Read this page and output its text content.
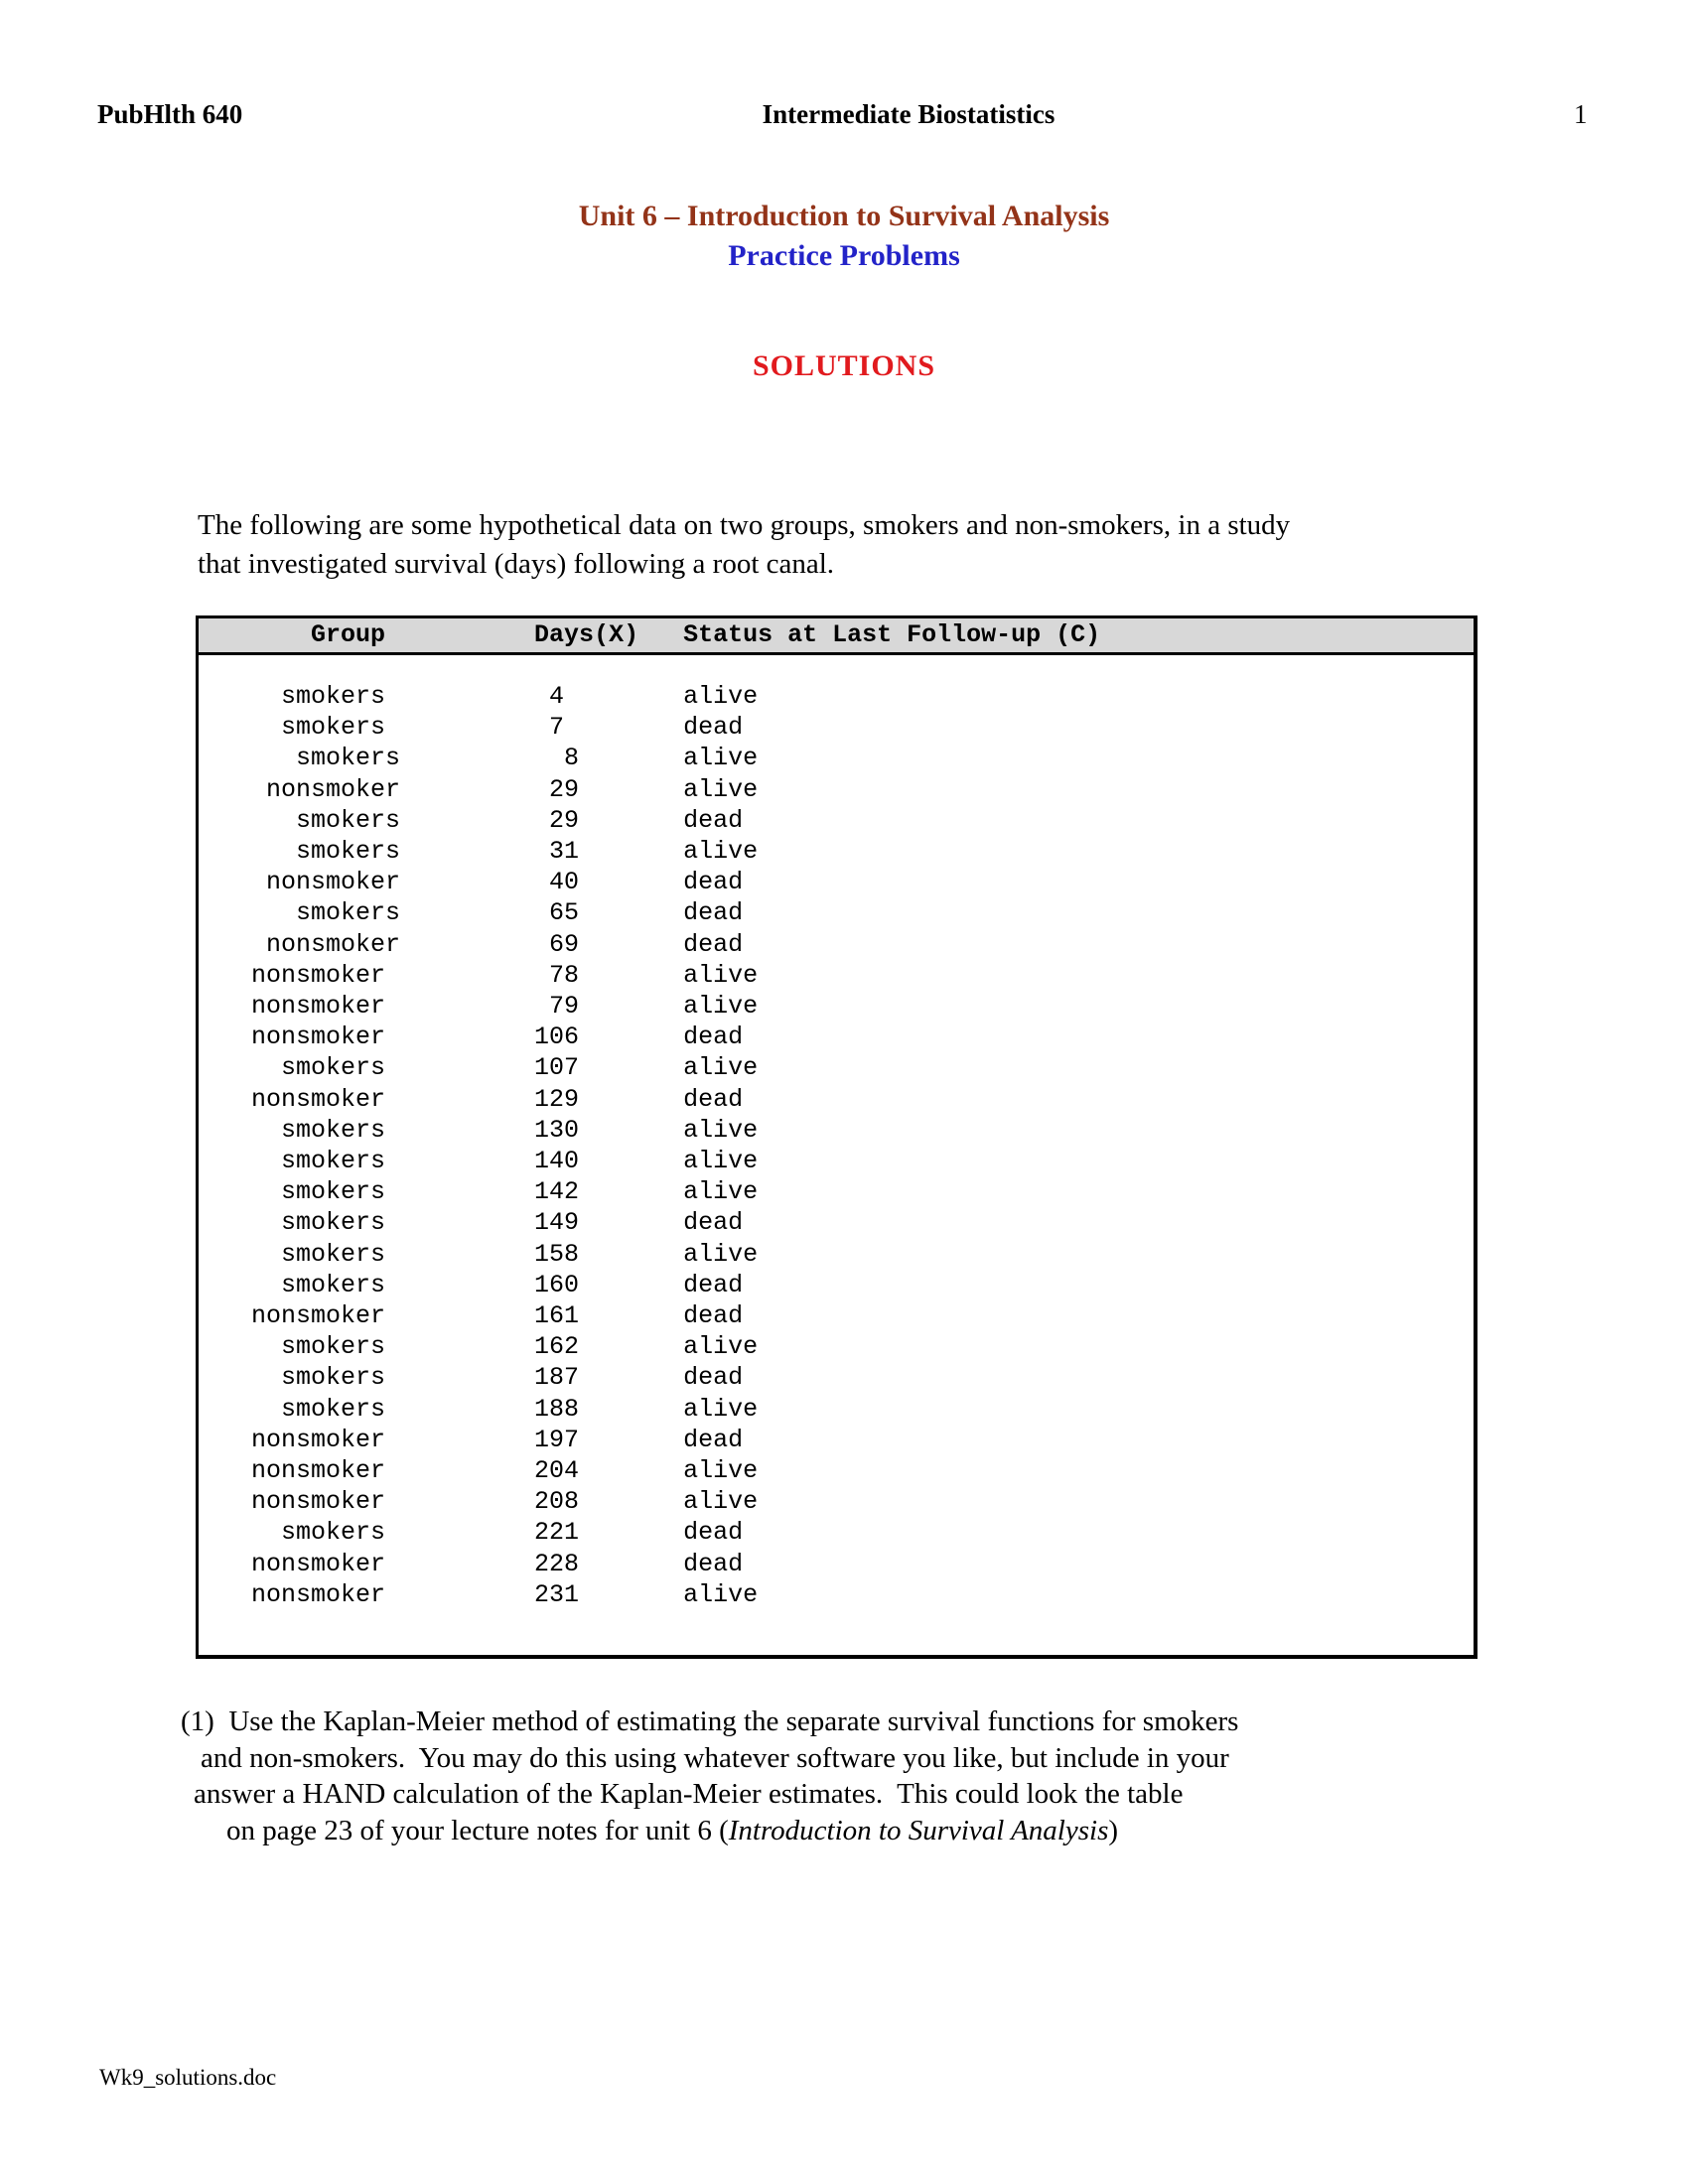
PubHlth 640	Intermediate Biostatistics	1
Unit 6 – Introduction to Survival Analysis
Practice Problems
SOLUTIONS
The following are some hypothetical data on two groups, smokers and non-smokers, in a study
that investigated survival (days) following a root canal.
Group          Days(X)   Status at Last Follow-up (C)
smokers           4        alive
smokers           7        dead
smokers           8       alive
nonsmoker          29       alive
smokers          29       dead
smokers          31       alive
nonsmoker          40       dead
smokers          65       dead
nonsmoker          69       dead
nonsmoker           78       alive
nonsmoker           79       alive
nonsmoker          106       dead
smokers          107       alive
nonsmoker          129       dead
smokers          130       alive
smokers          140       alive
smokers          142       alive
smokers          149       dead
smokers          158       alive
smokers          160       dead
nonsmoker          161       dead
smokers          162       alive
smokers          187       dead
smokers          188       alive
nonsmoker          197       dead
nonsmoker          204       alive
nonsmoker          208       alive
smokers          221       dead
nonsmoker          228       dead
nonsmoker          231       alive
(1)  Use the Kaplan-Meier method of estimating the separate survival functions for smokers
and non-smokers.  You may do this using whatever software you like, but include in your
answer a HAND calculation of the Kaplan-Meier estimates.  This could look the table
on page 23 of your lecture notes for unit 6 (Introduction to Survival Analysis)
Wk9_solutions.doc
